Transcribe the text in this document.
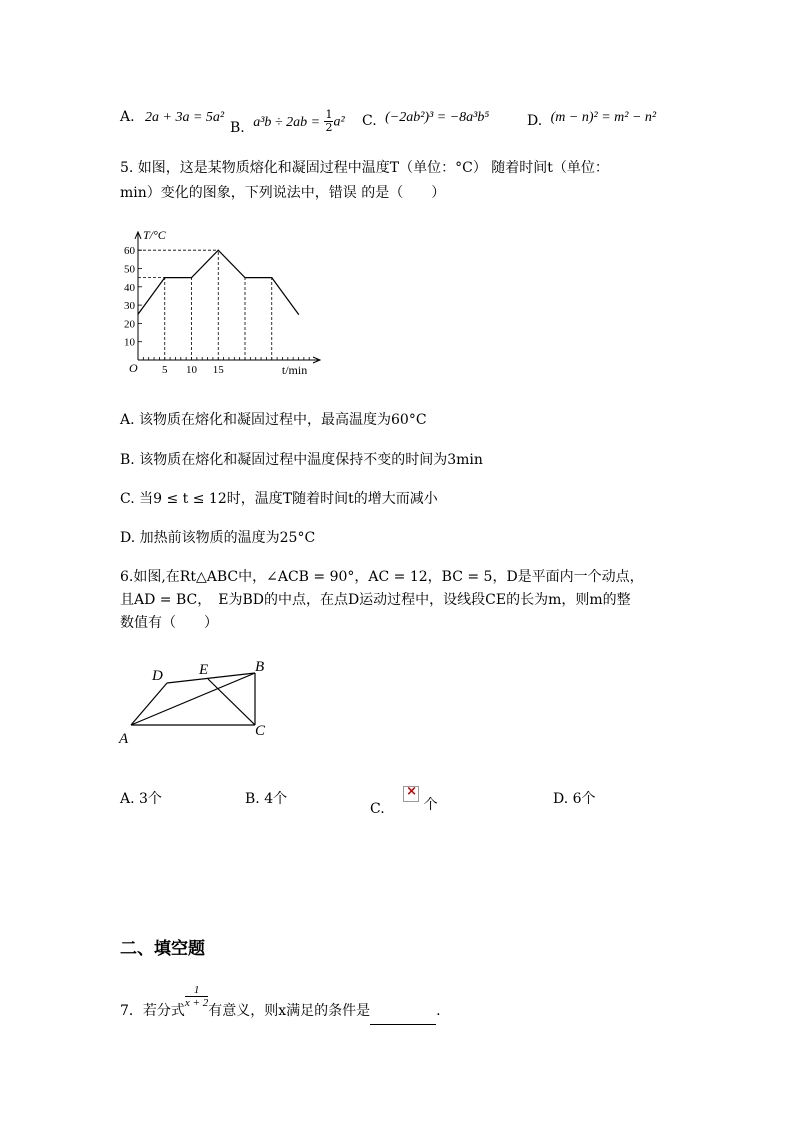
A. 2a + 3a = 5a²
B. $a^3b \div 2ab = \frac{1}{2} a^2$ C. (−2ab²)³ = −8a³b⁵	D. (m − n)² = m² − n²
5. 如图，这是某物质熔化和凝固过程中温度T（单位：°C） 随着时间t（单位：
min）变化的图象，下列说法中，错误 的是（　　）
10
20
30
40
50
60
5 10 15
T/°C
t/min
O
A. 该物质在熔化和凝固过程中，最高温度为60°C
B. 该物质在熔化和凝固过程中温度保持不变的时间为3min
C. 当9 ≤ t ≤ 12时，温度T随着时间t的增大而减小
D. 加热前该物质的温度为25°C
6.如图,在Rt△ABC中，∠ACB = 90°，AC = 12，BC = 5，D是平面内一个动点，
且AD = BC，　E为BD的中点，在点D运动过程中，设线段CE的长为m，则m的整
数值有（　　）
A
B
C
D E
A. 3个	B. 4个
C. ×	个	D. 6个
二、填空题
7．若分式
$\frac{1}{x + 2}$
有意义，则x满足的条件是	.
